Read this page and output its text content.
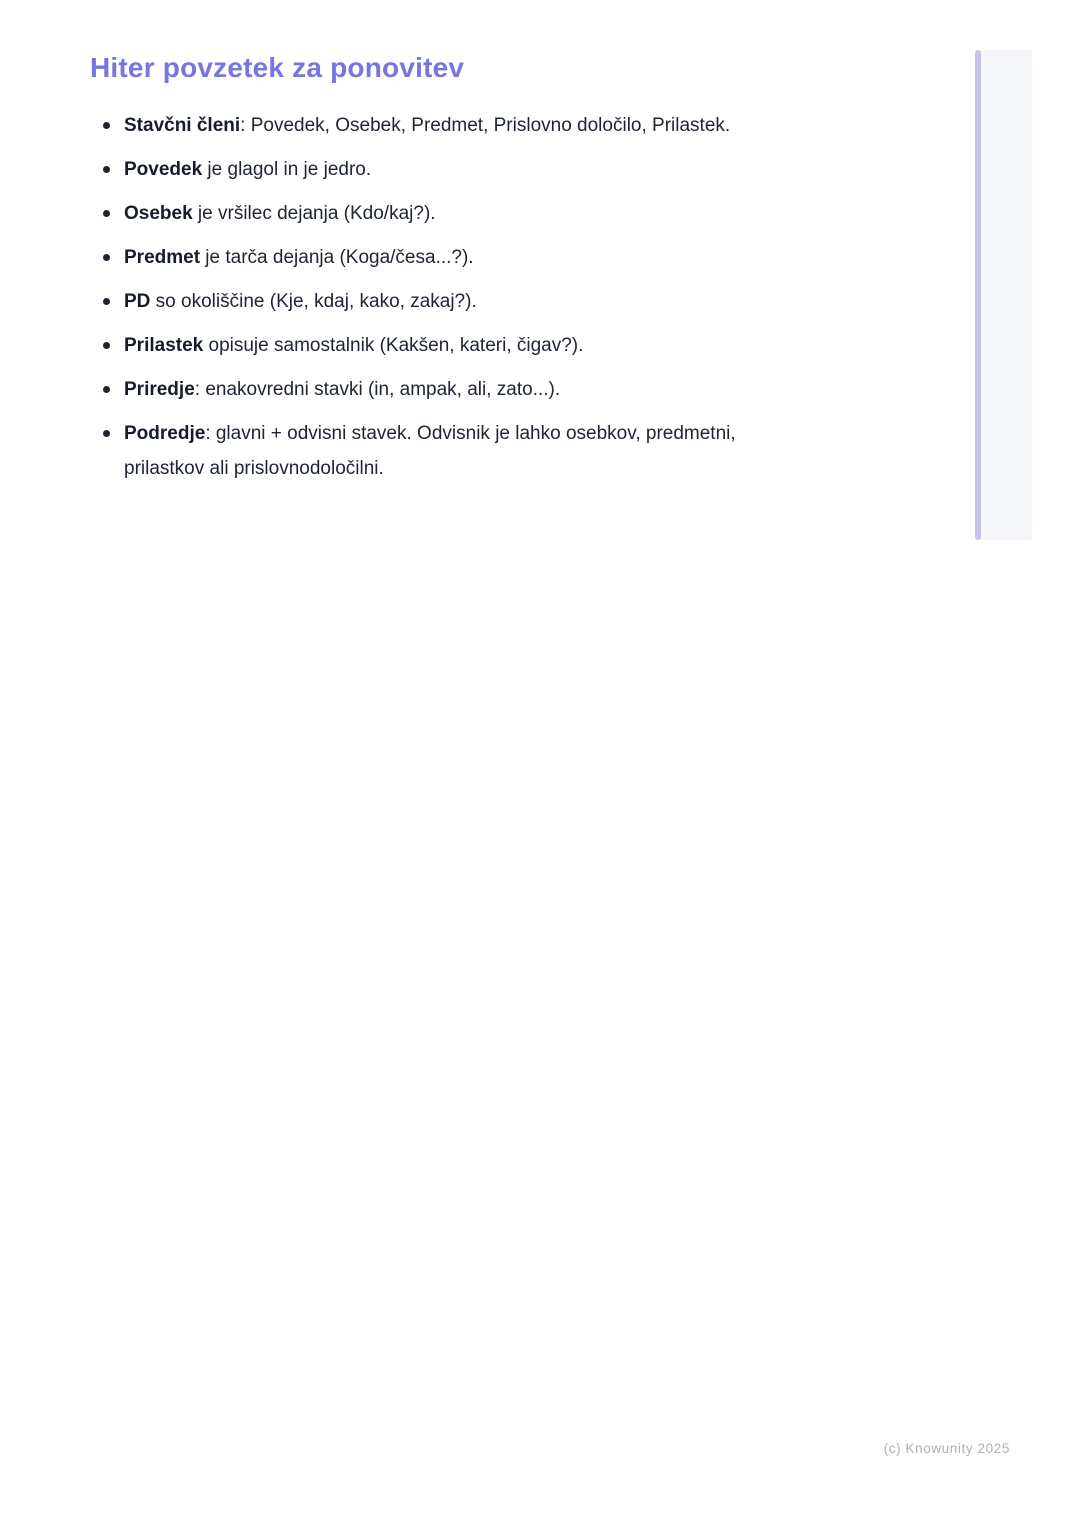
Hiter povzetek za ponovitev
Stavčni členi: Povedek, Osebek, Predmet, Prislovno določilo, Prilastek.
Povedek je glagol in je jedro.
Osebek je vršilec dejanja (Kdo/kaj?).
Predmet je tarča dejanja (Koga/česa...?).
PD so okoliščine (Kje, kdaj, kako, zakaj?).
Prilastek opisuje samostalnik (Kakšen, kateri, čigav?).
Priredje: enakovredni stavki (in, ampak, ali, zato...).
Podredje: glavni + odvisni stavek. Odvisnik je lahko osebkov, predmetni, prilastkov ali prislovnodoločilni.
(c) Knowunity 2025
